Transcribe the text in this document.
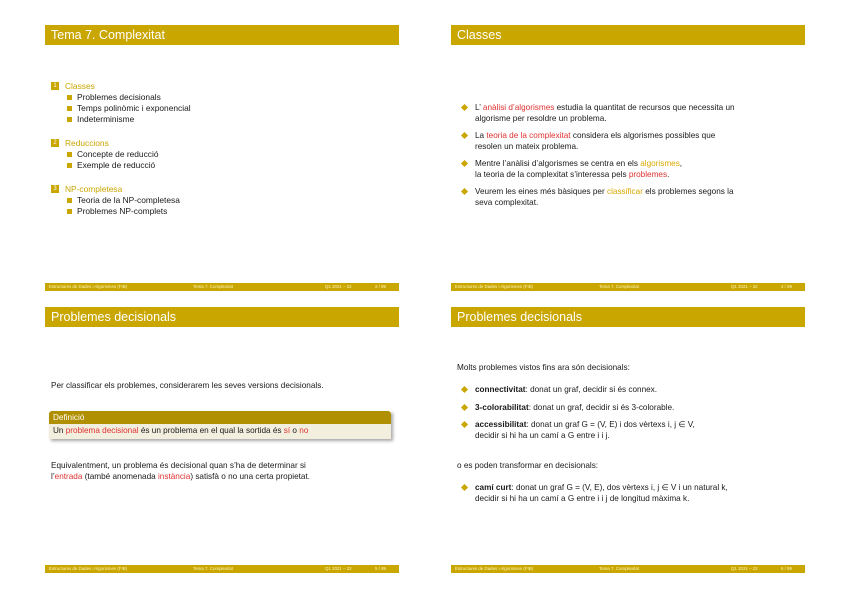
Tema 7. Complexitat
1 Classes
Problemes decisionals
Temps polinòmic i exponencial
Indeterminisme
2 Reduccions
Concepte de reducció
Exemple de reducció
3 NP-completesa
Teoria de la NP-completesa
Problemes NP-complets
Estructures de Dades i Algorismes (FIB)	Tema 7. Complexitat	Q1 2021 – 22	2 / 89
Classes
L’ anàlisi d’algorismes estudia la quantitat de recursos que necessita un
algorisme per resoldre un problema.
La teoria de la complexitat considera els algorismes possibles que
resolen un mateix problema.
Mentre l’anàlisi d’algorismes se centra en els algorismes,
la teoria de la complexitat s’interessa pels problemes.
Veurem les eines més bàsiques per classificar els problemes segons la
seva complexitat.
Estructures de Dades i Algorismes (FIB)	Tema 7. Complexitat	Q1 2021 – 22	4 / 89
Problemes decisionals
Per classificar els problemes, considerarem les seves versions decisionals.
Definició
Un problema decisional és un problema en el qual la sortida és sí o no
Equivalentment, un problema és decisional quan s’ha de determinar si
l’entrada (també anomenada instància) satisfà o no una certa propietat.
Estructures de Dades i Algorismes (FIB)	Tema 7. Complexitat	Q1 2021 – 22	5 / 89
Problemes decisionals
Molts problemes vistos fins ara són decisionals:
connectivitat: donat un graf, decidir si és connex.
3-colorabilitat: donat un graf, decidir si és 3-colorable.
accessibilitat: donat un graf G = (V, E) i dos vèrtexs i, j ∈ V,
decidir si hi ha un camí a G entre i i j.
o es poden transformar en decisionals:
camí curt: donat un graf G = (V, E), dos vèrtexs i, j ∈ V i un natural k,
decidir si hi ha un camí a G entre i i j de longitud màxima k.
Estructures de Dades i Algorismes (FIB)	Tema 7. Complexitat	Q1 2021 – 22	6 / 89
